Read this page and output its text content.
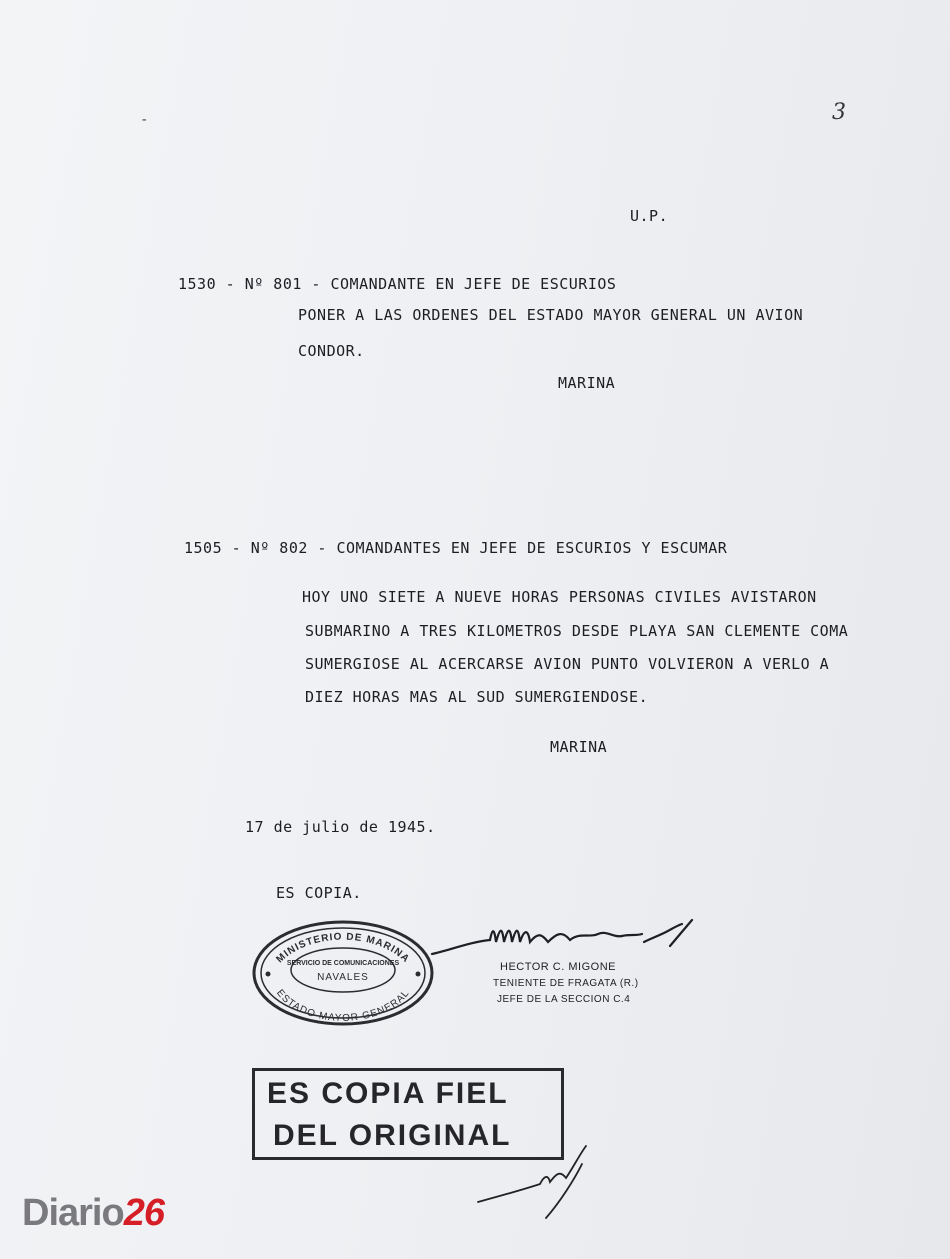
-	3
U.P.
1530 - Nº 801 - COMANDANTE EN JEFE DE ESCURIOS
PONER A LAS ORDENES DEL ESTADO MAYOR GENERAL UN AVION
CONDOR.
MARINA
1505 - Nº 802 - COMANDANTES EN JEFE DE ESCURIOS Y ESCUMAR
HOY UNO SIETE A NUEVE HORAS PERSONAS CIVILES AVISTARON
SUBMARINO A TRES KILOMETROS DESDE PLAYA SAN CLEMENTE COMA
SUMERGIOSE AL ACERCARSE AVION PUNTO VOLVIERON A VERLO A
DIEZ HORAS MAS AL SUD SUMERGIENDOSE.
MARINA
17 de julio de 1945.
ES COPIA.
MINISTERIO DE MARINA
ESTADO MAYOR GENERAL
SERVICIO DE COMUNICACIONES
NAVALES
HECTOR C. MIGONE
TENIENTE DE FRAGATA (R.)
JEFE DE LA SECCION C.4
ES COPIA FIEL
DEL ORIGINAL
Diario26
